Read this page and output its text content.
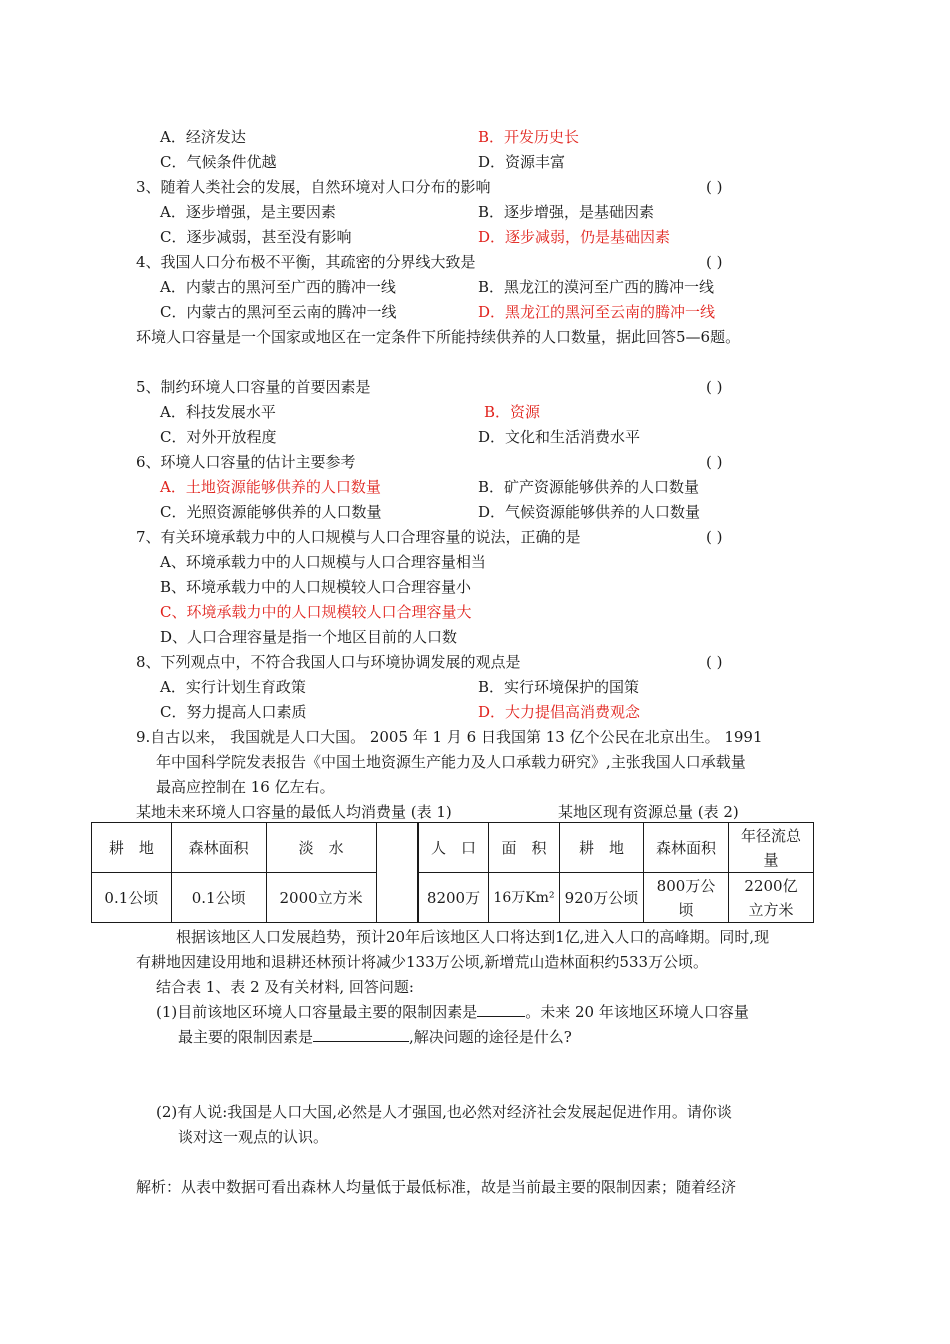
A．经济发达	B．开发历史长
C．气候条件优越	D．资源丰富
3、随着人类社会的发展，自然环境对人口分布的影响	( )
A．逐步增强，是主要因素	B．逐步增强，是基础因素
C．逐步减弱，甚至没有影响	D．逐步减弱，仍是基础因素
4、我国人口分布极不平衡，其疏密的分界线大致是	( )
A．内蒙古的黑河至广西的腾冲一线	B．黑龙江的漠河至广西的腾冲一线
C．内蒙古的黑河至云南的腾冲一线	D．黑龙江的黑河至云南的腾冲一线
环境人口容量是一个国家或地区在一定条件下所能持续供养的人口数量，据此回答5—6题。
5、制约环境人口容量的首要因素是	( )
A．科技发展水平	B．资源
C．对外开放程度	D．文化和生活消费水平
6、环境人口容量的估计主要参考	( )
A．土地资源能够供养的人口数量	B．矿产资源能够供养的人口数量
C．光照资源能够供养的人口数量	D．气候资源能够供养的人口数量
7、有关环境承载力中的人口规模与人口合理容量的说法，正确的是	( )
A、环境承载力中的人口规模与人口合理容量相当
B、环境承载力中的人口规模较人口合理容量小
C、环境承载力中的人口规模较人口合理容量大
D、人口合理容量是指一个地区目前的人口数
8、下列观点中，不符合我国人口与环境协调发展的观点是	( )
A．实行计划生育政策	B．实行环境保护的国策
C．努力提高人口素质	D．大力提倡高消费观念
9.自古以来， 我国就是人口大国。 2005 年 1 月 6 日我国第 13 亿个公民在北京出生。 1991
年中国科学院发表报告《中国土地资源生产能力及人口承载力研究》,主张我国人口承载量
最高应控制在 16 亿左右。
某地未来环境人口容量的最低人均消费量 (表 1)	某地区现有资源总量 (表 2)
耕　地	森林面积	淡　水	
0.1公顷	0.1公顷	2000立方米	
人　口	面　积	耕　地	森林面积	年径流总量
8200万	16万Km²	920万公顷	800万公顷	2200亿立方米
根据该地区人口发展趋势，预计20年后该地区人口将达到1亿,进入人口的高峰期。同时,现
有耕地因建设用地和退耕还林预计将减少133万公顷,新增荒山造林面积约533万公顷。
结合表 1、表 2 及有关材料, 回答问题:
(1)目前该地区环境人口容量最主要的限制因素是	。未来 20 年该地区环境人口容量
最主要的限制因素是	,解决问题的途径是什么?
(2)有人说:我国是人口大国,必然是人才强国,也必然对经济社会发展起促进作用。请你谈
谈对这一观点的认识。
解析：从表中数据可看出森林人均量低于最低标准，故是当前最主要的限制因素；随着经济
